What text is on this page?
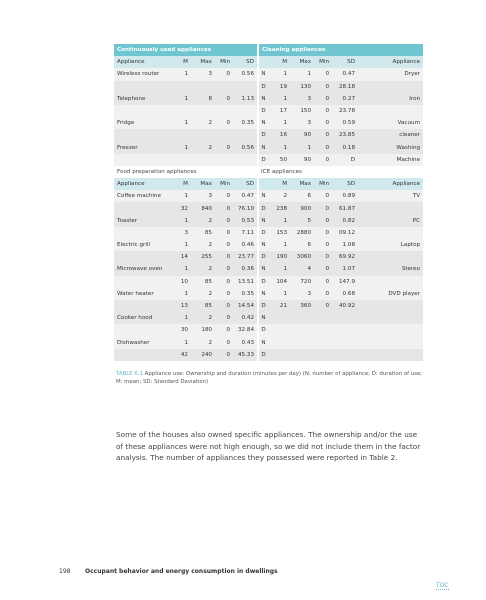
Continuously used appliances					Cleaning appliances					
Appliance	M	Max	Min	SD		M	Max	Min	SD	Appliance
Wireless router	1	3	0	0.56	N	1	1	0	0.47	Dryer
					D	19	130	0	28.18	
Telephone	1	8	0	1.13	N	1	3	0	0.27	Iron
					D	17	150	0	23.78	
Fridge	1	2	0	0.35	N	1	3	0	0.59	Vacuum
					D	16	90	0	23.85	cleaner
Freezer	1	2	0	0.56	N	1	1	0	0.18	Washing
					D	50	90	0	D	Machine
Food preparation appliances					ICE appliances					
Appliance	M	Max	Min	SD		M	Max	Min	SD	Appliance
Coffee machine	1	3	0	0.47	N	2	6	0	0.89	TV
	32	840	0	76.10	D	238	900	0	61.87	
Toaster	1	2	0	0.53	N	1	5	0	0.82	PC
	3	85	0	7.11	D	153	2880	0	09.12	
Electric grill	1	2	0	0.46	N	1	6	0	1.08	Laptop
	14	255	0	23.77	D	190	3060	0	69.92	
Microwave oven	1	2	0	0.36	N	1	4	0	1.07	Stereo
	10	85	0	13.51	D	104	720	0	147.9	
Water heater	1	2	0	0.35	N	1	3	0	0.68	DVD player
	13	85	0	14.54	D	21	360	0	40.92	
Cooker hood	1	2	0	0.42	N					
	30	180	0	32.84	D					
Dishwasher	1	2	0	0.43	N					
	42	240	0	45.33	D					
TABLE 6.1 Appliance use: Ownership and duration (minutes per day) (N: number of appliance; D: duration of use; M: mean; SD: Standard Deviation)
Some of the houses also owned specific appliances. The ownership and/or the use of these appliances were not high enough, so we did not include them in the factor analysis. The number of appliances they possessed were reported in Table 2.
198 Occupant behavior and energy consumption in dwellings
TOC
